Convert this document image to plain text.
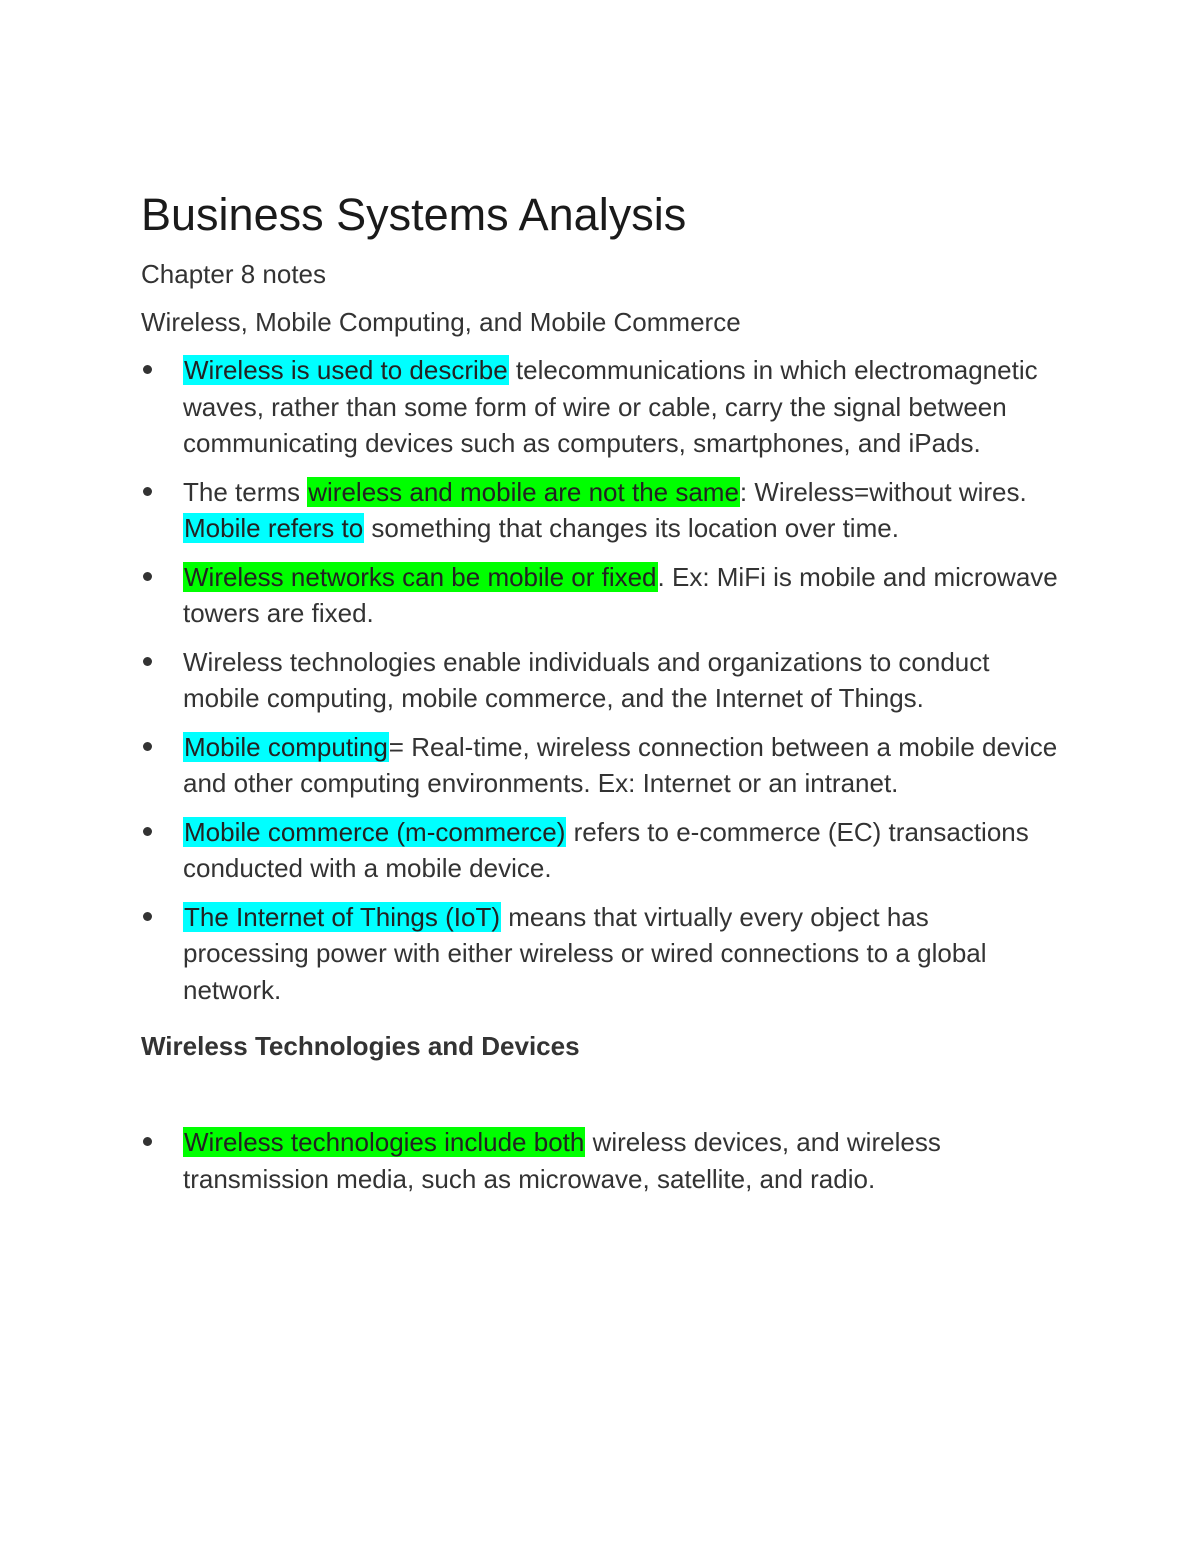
Business Systems Analysis

Chapter 8 notes

Wireless, Mobile Computing, and Mobile Commerce

Wireless is used to describe telecommunications in which electromagnetic waves, rather than some form of wire or cable, carry the signal between communicating devices such as computers, smartphones, and iPads.
The terms wireless and mobile are not the same: Wireless=without wires. Mobile refers to something that changes its location over time.
Wireless networks can be mobile or fixed. Ex: MiFi is mobile and microwave towers are fixed.
Wireless technologies enable individuals and organizations to conduct mobile computing, mobile commerce, and the Internet of Things.
Mobile computing= Real-time, wireless connection between a mobile device and other computing environments. Ex: Internet or an intranet.
Mobile commerce (m-commerce) refers to e-commerce (EC) transactions conducted with a mobile device.
The Internet of Things (IoT) means that virtually every object has processing power with either wireless or wired connections to a global network.

Wireless Technologies and Devices

Wireless technologies include both wireless devices, and wireless transmission media, such as microwave, satellite, and radio.
